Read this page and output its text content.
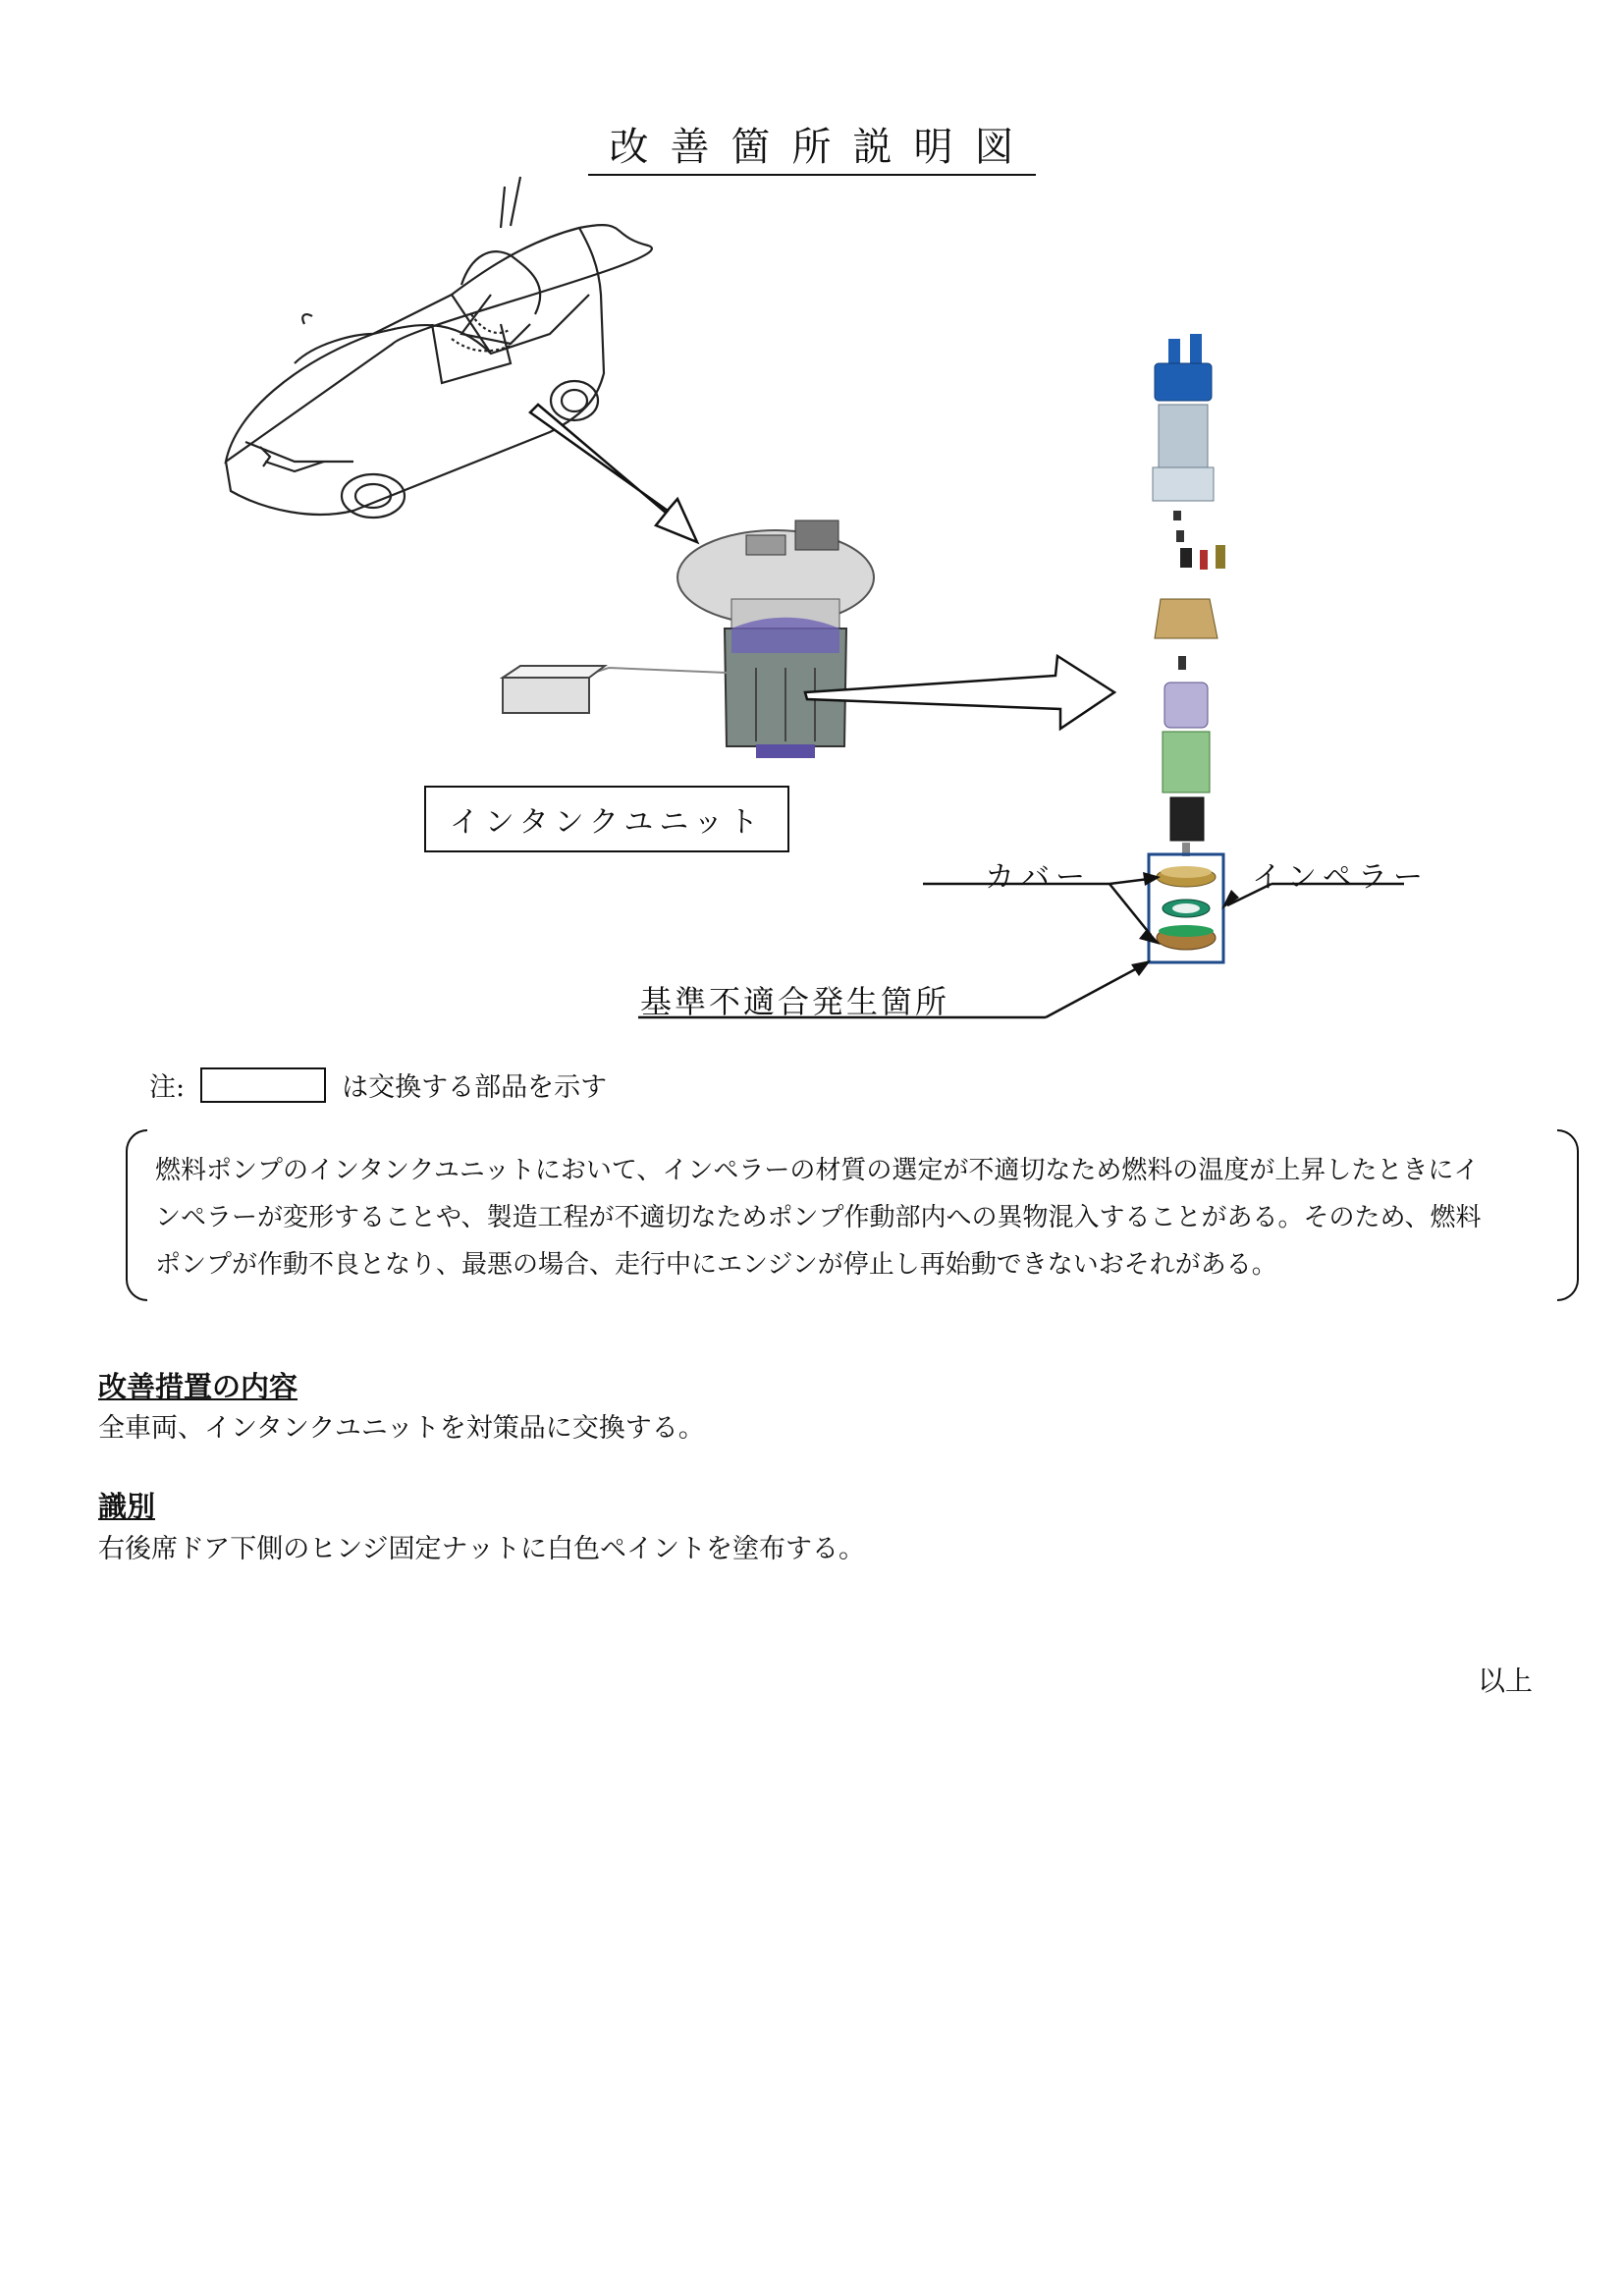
改善箇所説明図
インタンクユニット
カバー	インペラー
基準不適合発生箇所
注:	は交換する部品を示す
燃料ポンプのインタンクユニットにおいて、インペラーの材質の選定が不適切なため燃料の温度が上昇したときにイ
ンペラーが変形することや、製造工程が不適切なためポンプ作動部内への異物混入することがある。そのため、燃料
ポンプが作動不良となり、最悪の場合、走行中にエンジンが停止し再始動できないおそれがある。
改善措置の内容
全車両、インタンクユニットを対策品に交換する。
識別
右後席ドア下側のヒンジ固定ナットに白色ペイントを塗布する。
以上
